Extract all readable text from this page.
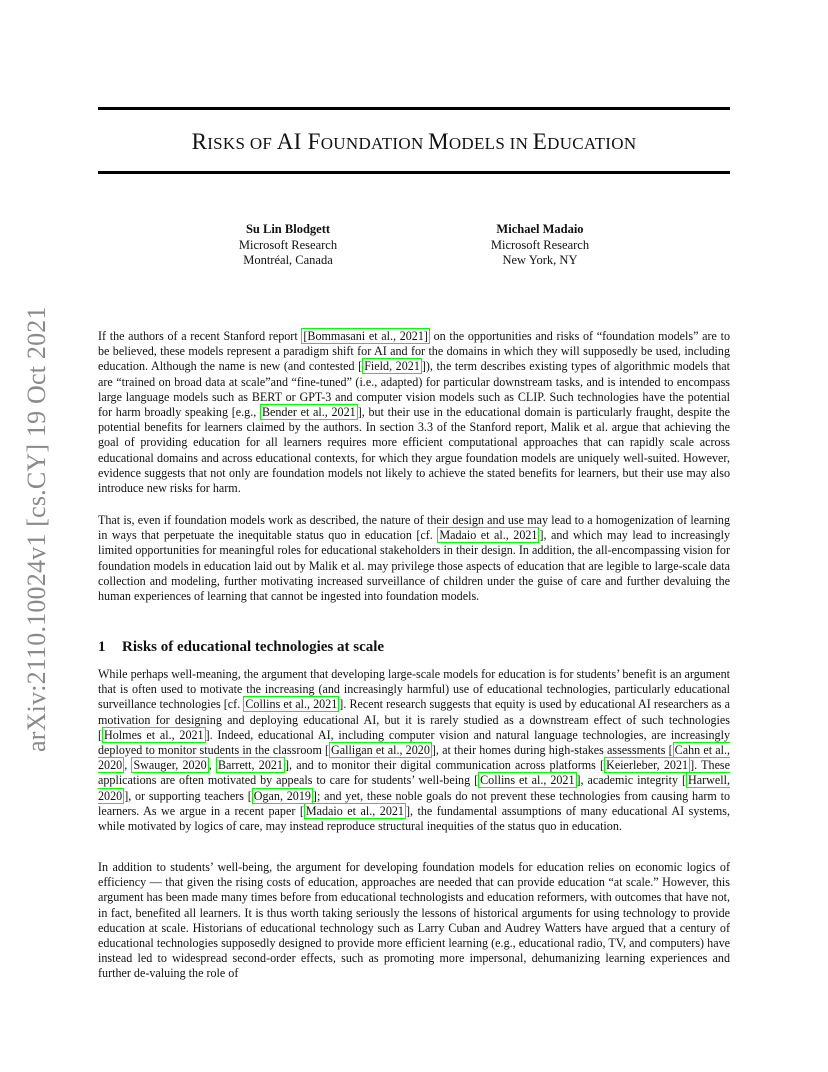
RISKS OF AI FOUNDATION MODELS IN EDUCATION
Su Lin Blodgett
Microsoft Research
Montréal, Canada
Michael Madaio
Microsoft Research
New York, NY
arXiv:2110.10024v1 [cs.CY] 19 Oct 2021	If the authors of a recent Stanford report [Bommasani et al., 2021] on the opportunities and risks of “foundation models” are to be believed, these models represent a paradigm shift for AI and for the domains in which they will supposedly be used, including education. Although the name is new (and contested [ Field, 2021 ]), the term describes existing types of algorithmic models that are “trained on broad data at scale”and “fine-tuned” (i.e., adapted) for particular downstream tasks, and is intended to encompass large language models such as BERT or GPT-3 and computer vision models such as CLIP. Such technologies have the potential for harm broadly speaking [e.g., Bender et al., 2021 ], but their use in the educational domain is particularly fraught, despite the potential benefits for learners claimed by the authors. In section 3.3 of the Stanford report, Malik et al. argue that achieving the goal of providing education for all learners requires more efficient computational approaches that can rapidly scale across educational domains and across educational contexts, for which they argue foundation models are uniquely well-suited. However, evidence suggests that not only are foundation models not likely to achieve the stated benefits for learners, but their use may also introduce new risks for harm.

That is, even if foundation models work as described, the nature of their design and use may lead to a homogenization of learning in ways that perpetuate the inequitable status quo in education [cf. Madaio et al., 2021 ], and which may lead to increasingly limited opportunities for meaningful roles for educational stakeholders in their design. In addition, the all-encompassing vision for foundation models in education laid out by Malik et al. may privilege those aspects of education that are legible to large-scale data collection and modeling, further motivating increased surveillance of children under the guise of care and further devaluing the human experiences of learning that cannot be ingested into foundation models.

1 Risks of educational technologies at scale

While perhaps well-meaning, the argument that developing large-scale models for education is for students’ benefit is an argument that is often used to motivate the increasing (and increasingly harmful) use of educational technologies, particularly educational surveillance technologies [cf. Collins et al., 2021 ]. Recent research suggests that equity is used by educational AI researchers as a motivation for designing and deploying educational AI, but it is rarely studied as a downstream effect of such technologies [ Holmes et al., 2021 ]. Indeed, educational AI, including computer vision and natural language technologies, are increasingly deployed to monitor students in the classroom [ Galligan et al., 2020 ], at their homes during high-stakes assessments [ Cahn et al., 2020 , Swauger, 2020 , Barrett, 2021 ], and to monitor their digital communication across platforms [ Keierleber, 2021 ]. These applications are often motivated by appeals to care for students’ well-being [ Collins et al., 2021 ], academic integrity [ Harwell, 2020 ], or supporting teachers [ Ogan, 2019 ]; and yet, these noble goals do not prevent these technologies from causing harm to learners. As we argue in a recent paper [ Madaio et al., 2021 ], the fundamental assumptions of many educational AI systems, while motivated by logics of care, may instead reproduce structural inequities of the status quo in education.

In addition to students’ well-being, the argument for developing foundation models for education relies on economic logics of efficiency — that given the rising costs of education, approaches are needed that can provide education “at scale.” However, this argument has been made many times before from educational technologists and education reformers, with outcomes that have not, in fact, benefited all learners. It is thus worth taking seriously the lessons of historical arguments for using technology to provide education at scale. Historians of educational technology such as Larry Cuban and Audrey Watters have argued that a century of educational technologies supposedly designed to provide more efficient learning (e.g., educational radio, TV, and computers) have instead led to widespread second-order effects, such as promoting more impersonal, dehumanizing learning experiences and further de-valuing the role of
